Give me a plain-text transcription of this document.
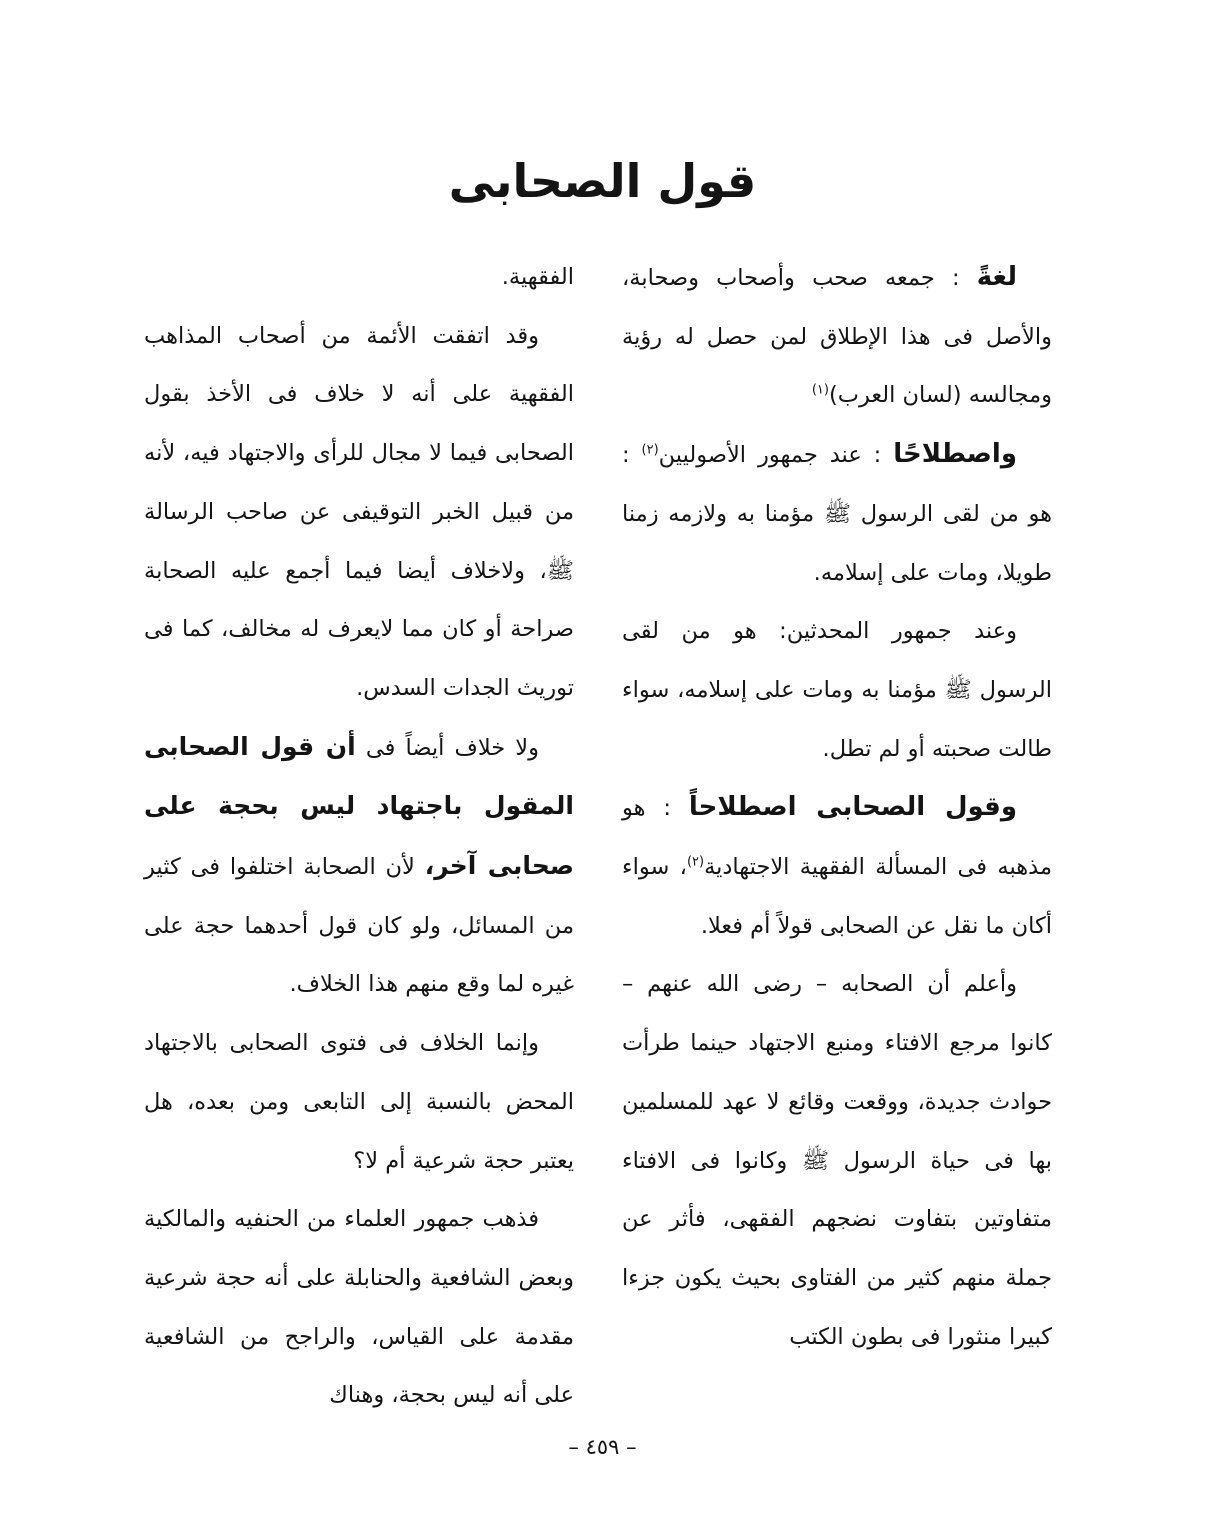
قول الصحابى

لغةً : جمعه صحب وأصحاب وصحابة، والأصل فى هذا الإطلاق لمن حصل له رؤية ومجالسه (لسان العرب)$^{(١)}$

واصطلاحًا : عند جمهور الأصوليين$^{(٢)}$ : هو من لقى الرسول ﷺ مؤمنا به ولازمه زمنا طويلا، ومات على إسلامه.

وعند جمهور المحدثين: هو من لقى الرسول ﷺ مؤمنا به ومات على إسلامه، سواء طالت صحبته أو لم تطل.

وقول الصحابى اصطلاحاً : هو مذهبه فى المسألة الفقهية الاجتهادية$^{(٢)}$، سواء أكان ما نقل عن الصحابى قولاً أم فعلا.

وأعلم أن الصحابه – رضى الله عنهم – كانوا مرجع الافتاء ومنبع الاجتهاد حينما طرأت حوادث جديدة، ووقعت وقائع لا عهد للمسلمين بها فى حياة الرسول ﷺ وكانوا فى الافتاء متفاوتين بتفاوت نضجهم الفقهى، فأثر عن جملة منهم كثير من الفتاوى بحيث يكون جزءا كبيرا منثورا فى بطون الكتب

الفقهية.

وقد اتفقت الأئمة من أصحاب المذاهب الفقهية على أنه لا خلاف فى الأخذ بقول الصحابى فيما لا مجال للرأى والاجتهاد فيه، لأنه من قبيل الخبر التوقيفى عن صاحب الرسالة ﷺ، ولاخلاف أيضا فيما أجمع عليه الصحابة صراحة أو كان مما لايعرف له مخالف، كما فى توريث الجدات السدس.

ولا خلاف أيضاً فى أن قول الصحابى المقول باجتهاد ليس بحجة على صحابى آخر، لأن الصحابة اختلفوا فى كثير من المسائل، ولو كان قول أحدهما حجة على غيره لما وقع منهم هذا الخلاف.

وإنما الخلاف فى فتوى الصحابى بالاجتهاد المحض بالنسبة إلى التابعى ومن بعده، هل يعتبر حجة شرعية أم لا؟

فذهب جمهور العلماء من الحنفيه والمالكية وبعض الشافعية والحنابلة على أنه حجة شرعية مقدمة على القياس، والراجح من الشافعية على أنه ليس بحجة، وهناك

– ٤٥٩ –
